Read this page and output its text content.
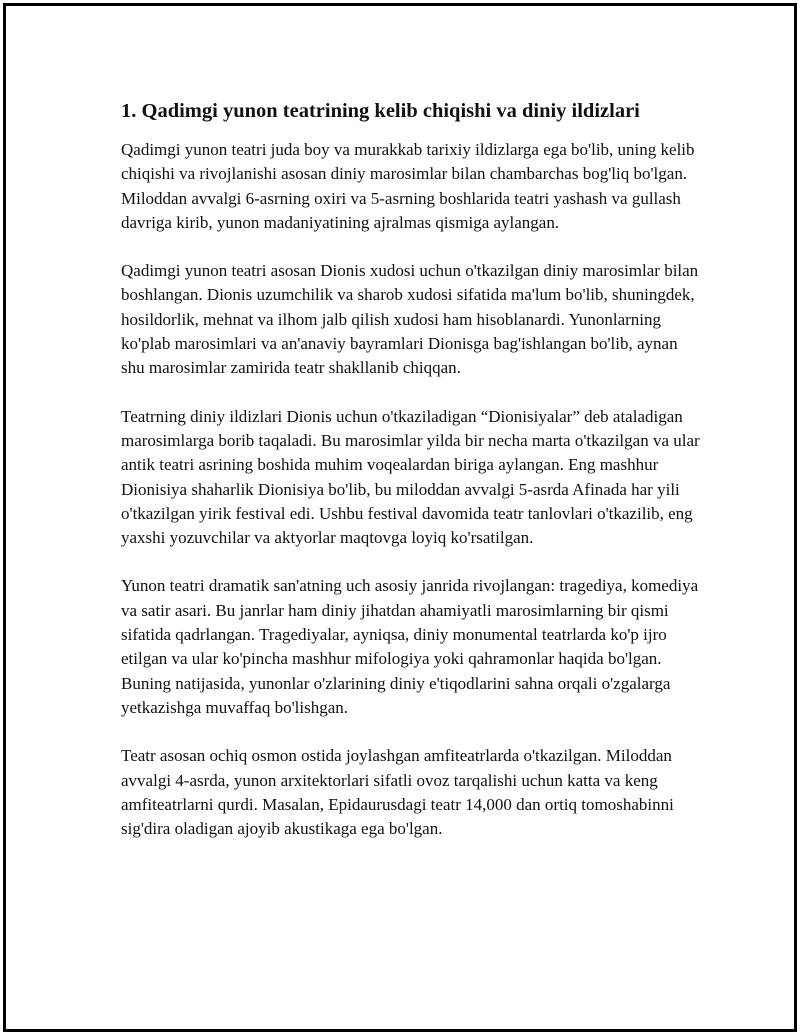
1. Qadimgi yunon teatrining kelib chiqishi va diniy ildizlari

Qadimgi yunon teatri juda boy va murakkab tarixiy ildizlarga ega bo'lib, uning kelib chiqishi va rivojlanishi asosan diniy marosimlar bilan chambarchas bog'liq bo'lgan. Miloddan avvalgi 6-asrning oxiri va 5-asrning boshlarida teatri yashash va gullash davriga kirib, yunon madaniyatining ajralmas qismiga aylangan.

Qadimgi yunon teatri asosan Dionis xudosi uchun o'tkazilgan diniy marosimlar bilan boshlangan. Dionis uzumchilik va sharob xudosi sifatida ma'lum bo'lib, shuningdek, hosildorlik, mehnat va ilhom jalb qilish xudosi ham hisoblanardi. Yunonlarning ko'plab marosimlari va an'anaviy bayramlari Dionisga bag'ishlangan bo'lib, aynan shu marosimlar zamirida teatr shakllanib chiqqan.

Teatrning diniy ildizlari Dionis uchun o'tkaziladigan “Dionisiyalar” deb ataladigan marosimlarga borib taqaladi. Bu marosimlar yilda bir necha marta o'tkazilgan va ular antik teatri asrining boshida muhim voqealardan biriga aylangan. Eng mashhur Dionisiya shaharlik Dionisiya bo'lib, bu miloddan avvalgi 5-asrda Afinada har yili o'tkazilgan yirik festival edi. Ushbu festival davomida teatr tanlovlari o'tkazilib, eng yaxshi yozuvchilar va aktyorlar maqtovga loyiq ko'rsatilgan.

Yunon teatri dramatik san'atning uch asosiy janrida rivojlangan: tragediya, komediya va satir asari. Bu janrlar ham diniy jihatdan ahamiyatli marosimlarning bir qismi sifatida qadrlangan. Tragediyalar, ayniqsa, diniy monumental teatrlarda ko'p ijro etilgan va ular ko'pincha mashhur mifologiya yoki qahramonlar haqida bo'lgan. Buning natijasida, yunonlar o'zlarining diniy e'tiqodlarini sahna orqali o'zgalarga yetkazishga muvaffaq bo'lishgan.

Teatr asosan ochiq osmon ostida joylashgan amfiteatrlarda o'tkazilgan. Miloddan avvalgi 4-asrda, yunon arxitektorlari sifatli ovoz tarqalishi uchun katta va keng amfiteatrlarni qurdi. Masalan, Epidaurusdagi teatr 14,000 dan ortiq tomoshabinni sig'dira oladigan ajoyib akustikaga ega bo'lgan.
